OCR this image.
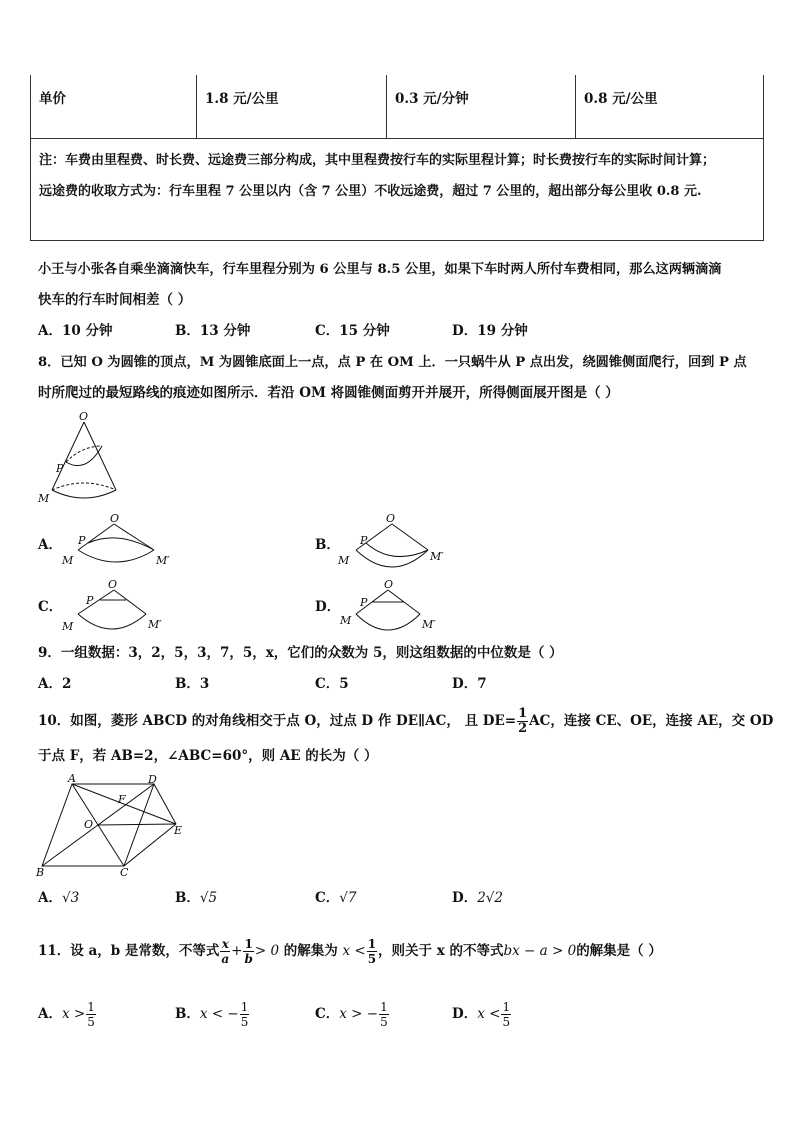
单价	1.8 元/公里	0.3 元/分钟	0.8 元/公里

注：车费由里程费、时长费、远途费三部分构成，其中里程费按行车的实际里程计算；时长费按行车的实际时间计算；
远途费的收取方式为：行车里程 7 公里以内（含 7 公里）不收远途费，超过 7 公里的，超出部分每公里收 0.8 元.
小王与小张各自乘坐滴滴快车，行车里程分别为 6 公里与 8.5 公里，如果下车时两人所付车费相同，那么这两辆滴滴
快车的行车时间相差（ ）
A．10 分钟	B．13 分钟	C．15 分钟	D．19 分钟
8．已知 O 为圆锥的顶点，M 为圆锥底面上一点，点 P 在 OM 上．一只蜗牛从 P 点出发，绕圆锥侧面爬行，回到 P 点
时所爬过的最短路线的痕迹如图所示．若沿 OM 将圆锥侧面剪开并展开，所得侧面展开图是（ ）
O
P
M
A．
O
P
M	M′
B．
O
P
M	M′
C．
O
P
M	M′
D．
O
P
M	M′
9．一组数据：3，2，5，3，7，5，x，它们的众数为 5，则这组数据的中位数是（ ）
A．2	B．3	C．5	D．7
10．如图，菱形 ABCD 的对角线相交于点 O，过点 D 作 DE∥AC， 且 $DE= \frac{1}{2}$ AC，连接 CE、OE，连接 AE，交 OD
于点 F，若 AB=2，∠ABC=60°，则 AE 的长为（ ）
A	D
F
O	E
B	C
A．√3	B．√5	C．√7	D．2√2
11．设 a，b 是常数，不等式 $\frac{x}{a} + \frac{1}{b} > 0$ 的解集为 $x < \frac{1}{5}$ ，则关于 x 的不等式bx − a > 0的解集是（ ）
A．$x > \frac{1}{5}$	B．x < − $\frac{1}{5}$	C．x > − $\frac{1}{5}$	D．$x < \frac{1}{5}$
